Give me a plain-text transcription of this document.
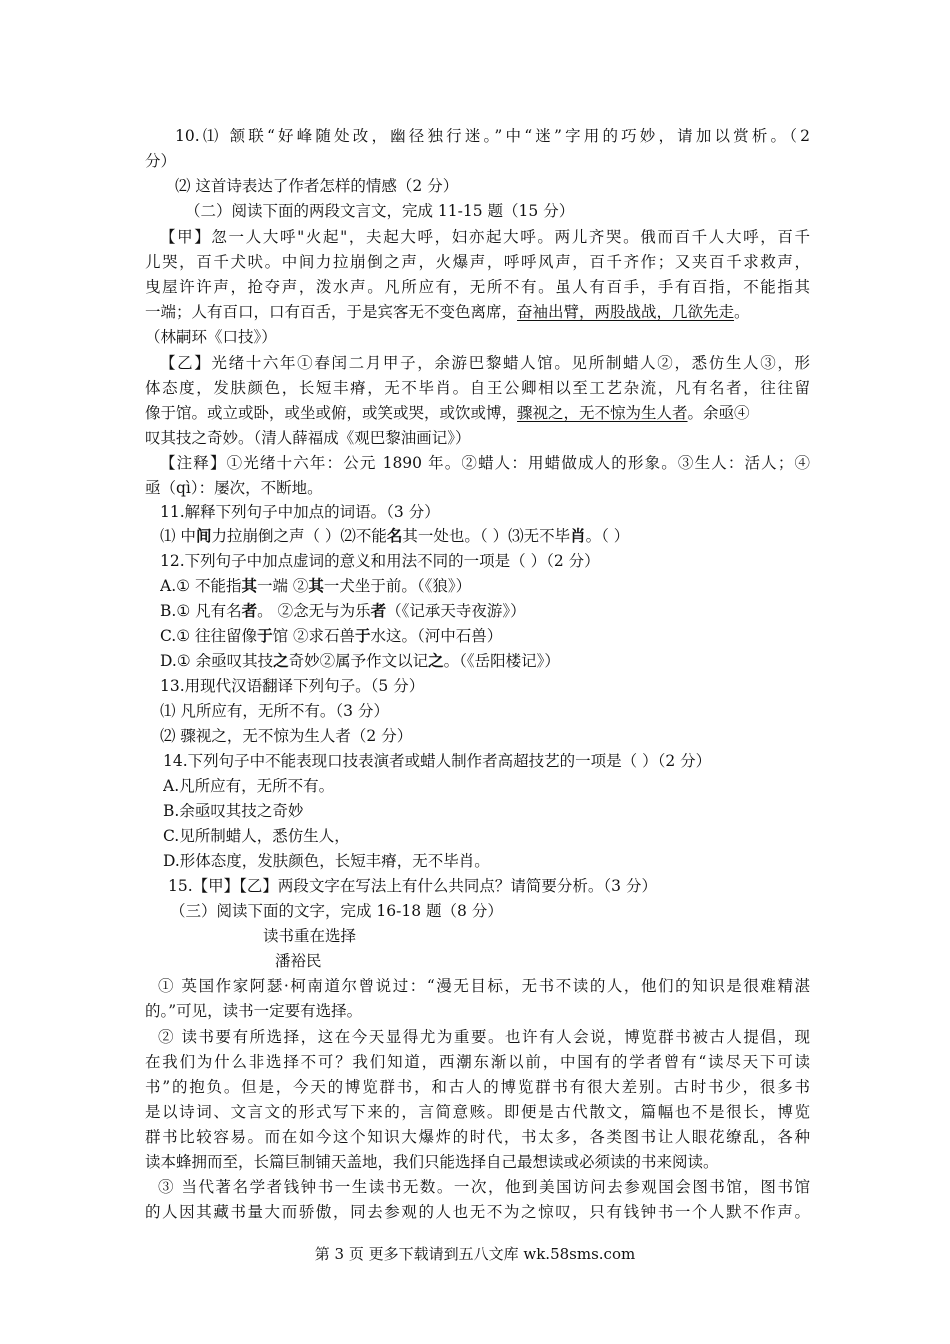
10.⑴ 颔联“好峰随处改，幽径独行迷。”中“迷”字用的巧妙，请加以赏析。（2
分）
⑵ 这首诗表达了作者怎样的情感（2 分）
（二）阅读下面的两段文言文，完成 11-15 题（15 分）
【甲】忽一人大呼"火起"，夫起大呼，妇亦起大呼。两儿齐哭。俄而百千人大呼，百千
儿哭，百千犬吠。中间力拉崩倒之声，火爆声，呼呼风声，百千齐作；又夹百千求救声，
曳屋许许声，抢夺声，泼水声。凡所应有，无所不有。虽人有百手，手有百指，不能指其
一端；人有百口，口有百舌，于是宾客无不变色离席，奋袖出臂，两股战战，几欲先走。
（林嗣环《口技》）
【乙】光绪十六年①春闰二月甲子，余游巴黎蜡人馆。见所制蜡人②，悉仿生人③，形
体态度，发肤颜色，长短丰瘠，无不毕肖。自王公卿相以至工艺杂流，凡有名者，往往留
像于馆。或立或卧，或坐或俯，或笑或哭，或饮或博，骤视之，无不惊为生人者。余亟④
叹其技之奇妙。（清人薛福成《观巴黎油画记》）
【注释】①光绪十六年：公元 1890 年。②蜡人：用蜡做成人的形象。③生人：活人；④
亟（qì）：屡次，不断地。
11.解释下列句子中加点的词语。（3 分）
⑴ 中间力拉崩倒之声（ ）⑵不能名其一处也。（ ）⑶无不毕肖。（ ）
12.下列句子中加点虚词的意义和用法不同的一项是（ ）（2 分）
A.① 不能指其一端 ②其一犬坐于前。（《狼》）
B.① 凡有名者。 ②念无与为乐者（《记承天寺夜游》）
C.① 往往留像于馆 ②求石兽于水这。（河中石兽）
D.① 余亟叹其技之奇妙②属予作文以记之。（《岳阳楼记》）
13.用现代汉语翻译下列句子。（5 分）
⑴ 凡所应有，无所不有。（3 分）
⑵ 骤视之，无不惊为生人者（2 分）
14.下列句子中不能表现口技表演者或蜡人制作者高超技艺的一项是（ ）（2 分）
A.凡所应有，无所不有。
B.余亟叹其技之奇妙
C.见所制蜡人，悉仿生人，
D.形体态度，发肤颜色，长短丰瘠，无不毕肖。
15.【甲】【乙】两段文字在写法上有什么共同点？请简要分析。（3 分）
（三）阅读下面的文字，完成 16-18 题（8 分）
读书重在选择
潘裕民
① 英国作家阿瑟·柯南道尔曾说过：“漫无目标，无书不读的人，他们的知识是很难精湛
的。”可见，读书一定要有选择。
② 读书要有所选择，这在今天显得尤为重要。也许有人会说，博览群书被古人提倡，现
在我们为什么非选择不可？我们知道，西潮东渐以前，中国有的学者曾有“读尽天下可读
书”的抱负。但是，今天的博览群书，和古人的博览群书有很大差别。古时书少，很多书
是以诗词、文言文的形式写下来的，言简意赅。即便是古代散文，篇幅也不是很长，博览
群书比较容易。而在如今这个知识大爆炸的时代，书太多，各类图书让人眼花缭乱，各种
读本蜂拥而至，长篇巨制铺天盖地，我们只能选择自己最想读或必须读的书来阅读。
③ 当代著名学者钱钟书一生读书无数。一次，他到美国访问去参观国会图书馆，图书馆
的人因其藏书量大而骄傲，同去参观的人也无不为之惊叹，只有钱钟书一个人默不作声。
第 3 页 更多下载请到五八文库 wk.58sms.com
